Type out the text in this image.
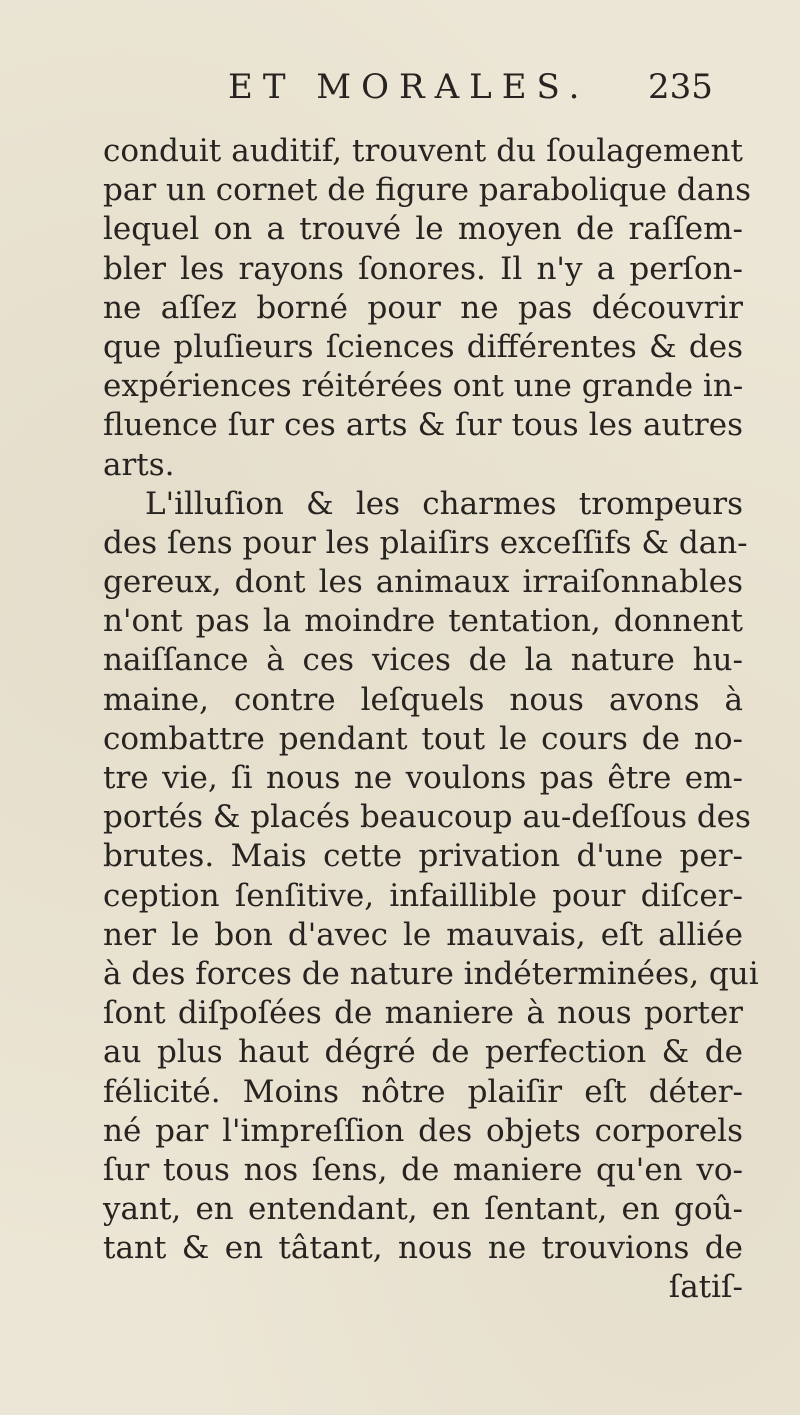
ET MORALES. 235
conduit auditif, trouvent du ſoulagement
par un cornet de figure parabolique dans
lequel on a trouvé le moyen de raſſem-
bler les rayons ſonores. Il n'y a perſon-
ne aſſez borné pour ne pas découvrir
que pluſieurs ſciences différentes & des
expériences réitérées ont une grande in-
fluence ſur ces arts & ſur tous les autres
arts.
L'illuſion & les charmes trompeurs
des ſens pour les plaiſirs exceſſifs & dan-
gereux, dont les animaux irraiſonnables
n'ont pas la moindre tentation, donnent
naiſſance à ces vices de la nature hu-
maine, contre leſquels nous avons à
combattre pendant tout le cours de no-
tre vie, ſi nous ne voulons pas être em-
portés & placés beaucoup au-deſſous des
brutes. Mais cette privation d'une per-
ception ſenſitive, infaillible pour diſcer-
ner le bon d'avec le mauvais, eſt alliée
à des forces de nature indéterminées, qui
ſont diſpoſées de maniere à nous porter
au plus haut dégré de perfection & de
félicité. Moins nôtre plaiſir eſt déter-
né par l'impreſſion des objets corporels
ſur tous nos ſens, de maniere qu'en vo-
yant, en entendant, en ſentant, en goû-
tant & en tâtant, nous ne trouvions de
ſatiſ-
